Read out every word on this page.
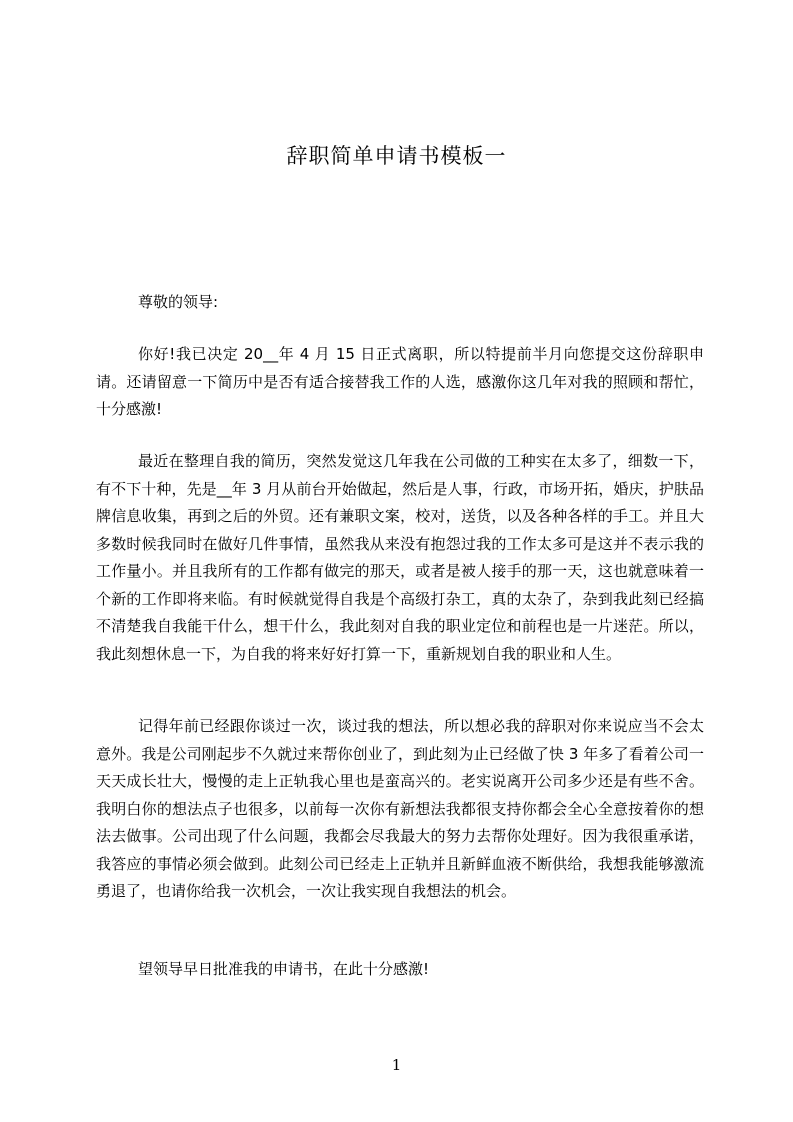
辞职简单申请书模板一
尊敬的领导:

你好!我已决定 20__年 4 月 15 日正式离职，所以特提前半月向您提交这份辞职申请。还请留意一下简历中是否有适合接替我工作的人选，感激你这几年对我的照顾和帮忙，十分感激!

最近在整理自我的简历，突然发觉这几年我在公司做的工种实在太多了，细数一下，有不下十种，先是__年 3 月从前台开始做起，然后是人事，行政，市场开拓，婚庆，护肤品牌信息收集，再到之后的外贸。还有兼职文案，校对，送货，以及各种各样的手工。并且大多数时候我同时在做好几件事情，虽然我从来没有抱怨过我的工作太多可是这并不表示我的工作量小。并且我所有的工作都有做完的那天，或者是被人接手的那一天，这也就意味着一个新的工作即将来临。有时候就觉得自我是个高级打杂工，真的太杂了，杂到我此刻已经搞不清楚我自我能干什么，想干什么，我此刻对自我的职业定位和前程也是一片迷茫。所以，我此刻想休息一下，为自我的将来好好打算一下，重新规划自我的职业和人生。

记得年前已经跟你谈过一次，谈过我的想法，所以想必我的辞职对你来说应当不会太意外。我是公司刚起步不久就过来帮你创业了，到此刻为止已经做了快 3 年多了看着公司一天天成长壮大，慢慢的走上正轨我心里也是蛮高兴的。老实说离开公司多少还是有些不舍。我明白你的想法点子也很多，以前每一次你有新想法我都很支持你都会全心全意按着你的想法去做事。公司出现了什么问题，我都会尽我最大的努力去帮你处理好。因为我很重承诺，我答应的事情必须会做到。此刻公司已经走上正轨并且新鲜血液不断供给，我想我能够激流勇退了，也请你给我一次机会，一次让我实现自我想法的机会。

望领导早日批准我的申请书，在此十分感激!
1
